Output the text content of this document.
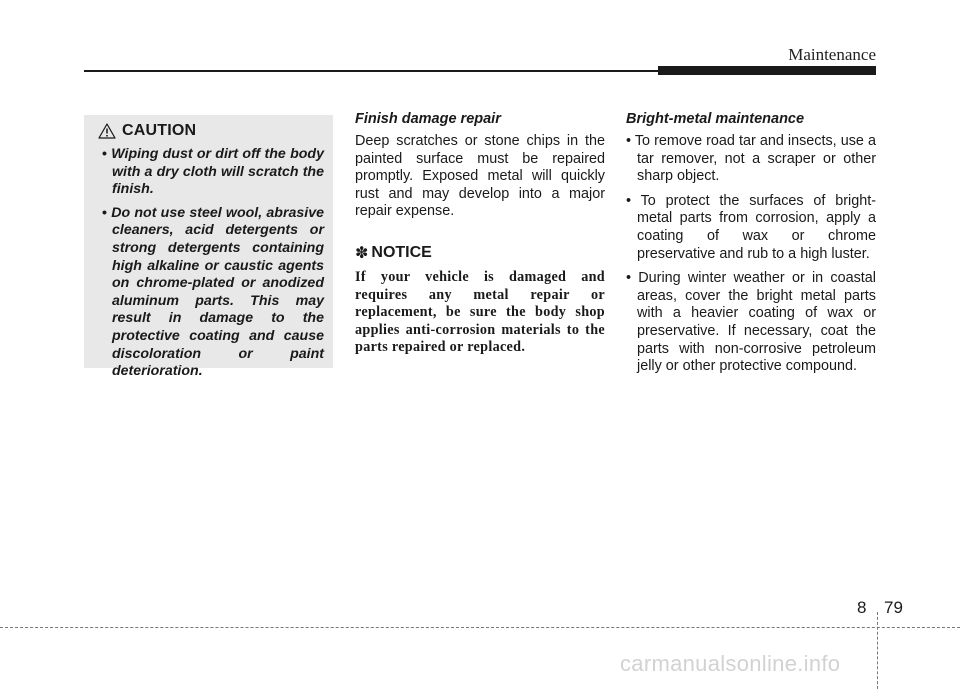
Maintenance
CAUTION
• Wiping dust or dirt off the body with a dry cloth will scratch the finish.
• Do not use steel wool, abrasive cleaners, acid detergents or strong detergents containing high alkaline or caustic agents on chrome-plated or anodized aluminum parts. This may result in damage to the protective coating and cause discoloration or paint deterioration.
Finish damage repair

Deep scratches or stone chips in the painted surface must be repaired promptly. Exposed metal will quickly rust and may develop into a major repair expense.

✽ NOTICE

If your vehicle is damaged and requires any metal repair or replacement, be sure the body shop applies anti-corrosion materials to the parts repaired or replaced.

Bright-metal maintenance
• To remove road tar and insects, use a tar remover, not a scraper or other sharp object.
• To protect the surfaces of bright-metal parts from corrosion, apply a coating of wax or chrome preservative and rub to a high luster.
• During winter weather or in coastal areas, cover the bright metal parts with a heavier coating of wax or preservative. If necessary, coat the parts with non-corrosive petroleum jelly or other protective compound.
8 79
carmanualsonline.info
